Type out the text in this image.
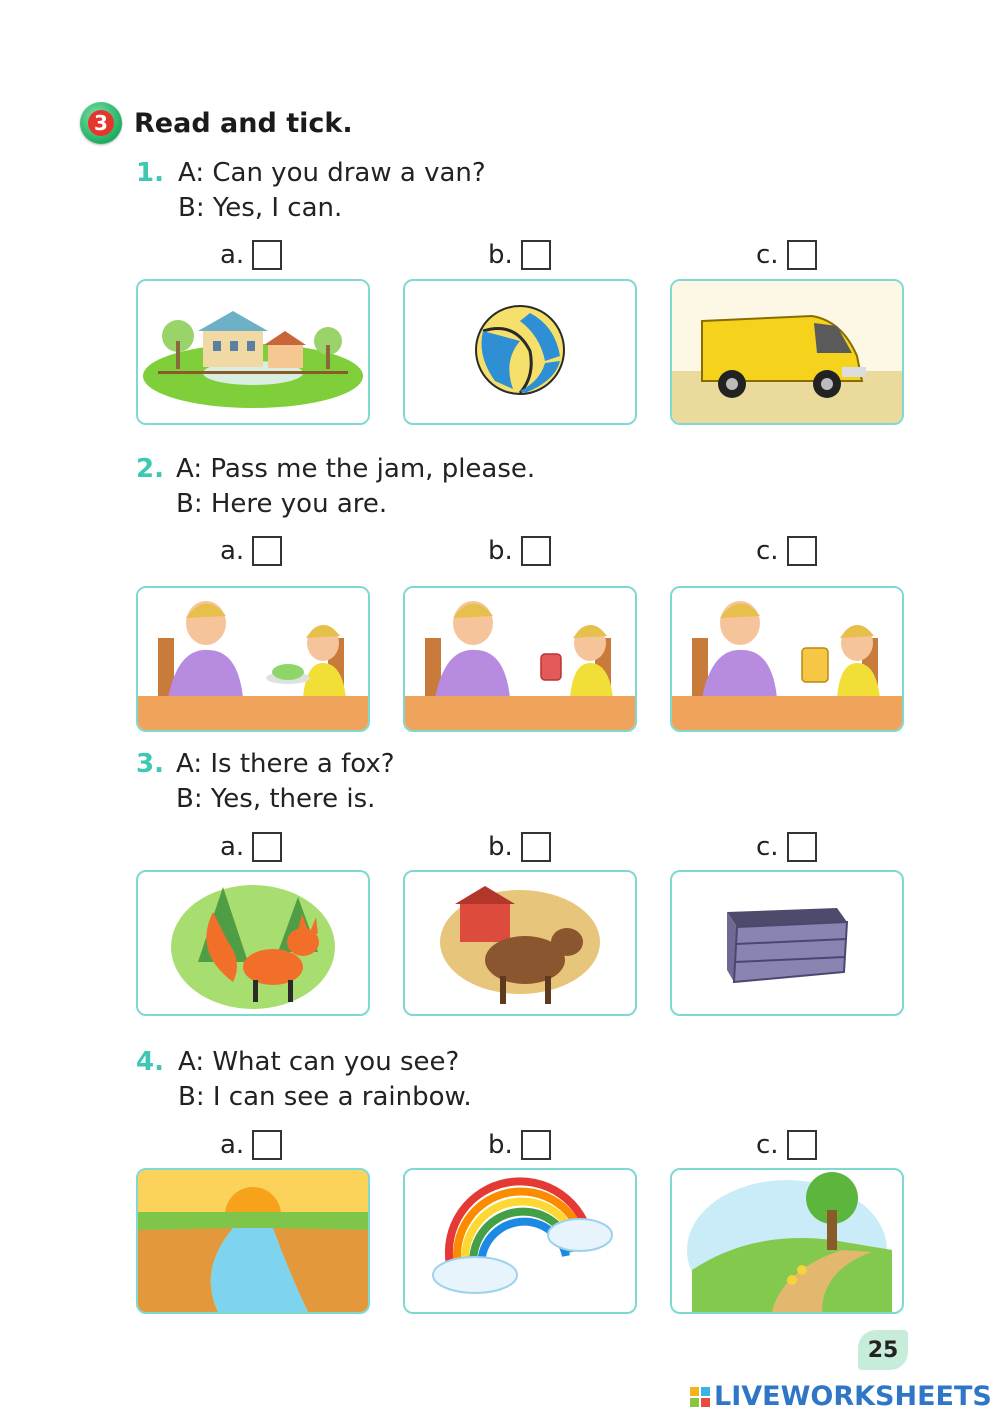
3 Read and tick.
1. A: Can you draw a van?
B: Yes, I can.
a.	b.	c.
2. A: Pass me the jam, please.
B: Here you are.
a.	b.	c.
3. A: Is there a fox?
B: Yes, there is.
a.	b.	c.
4. A: What can you see?
B: I can see a rainbow.
a.	b.	c.
25
LIVEWORKSHEETS
